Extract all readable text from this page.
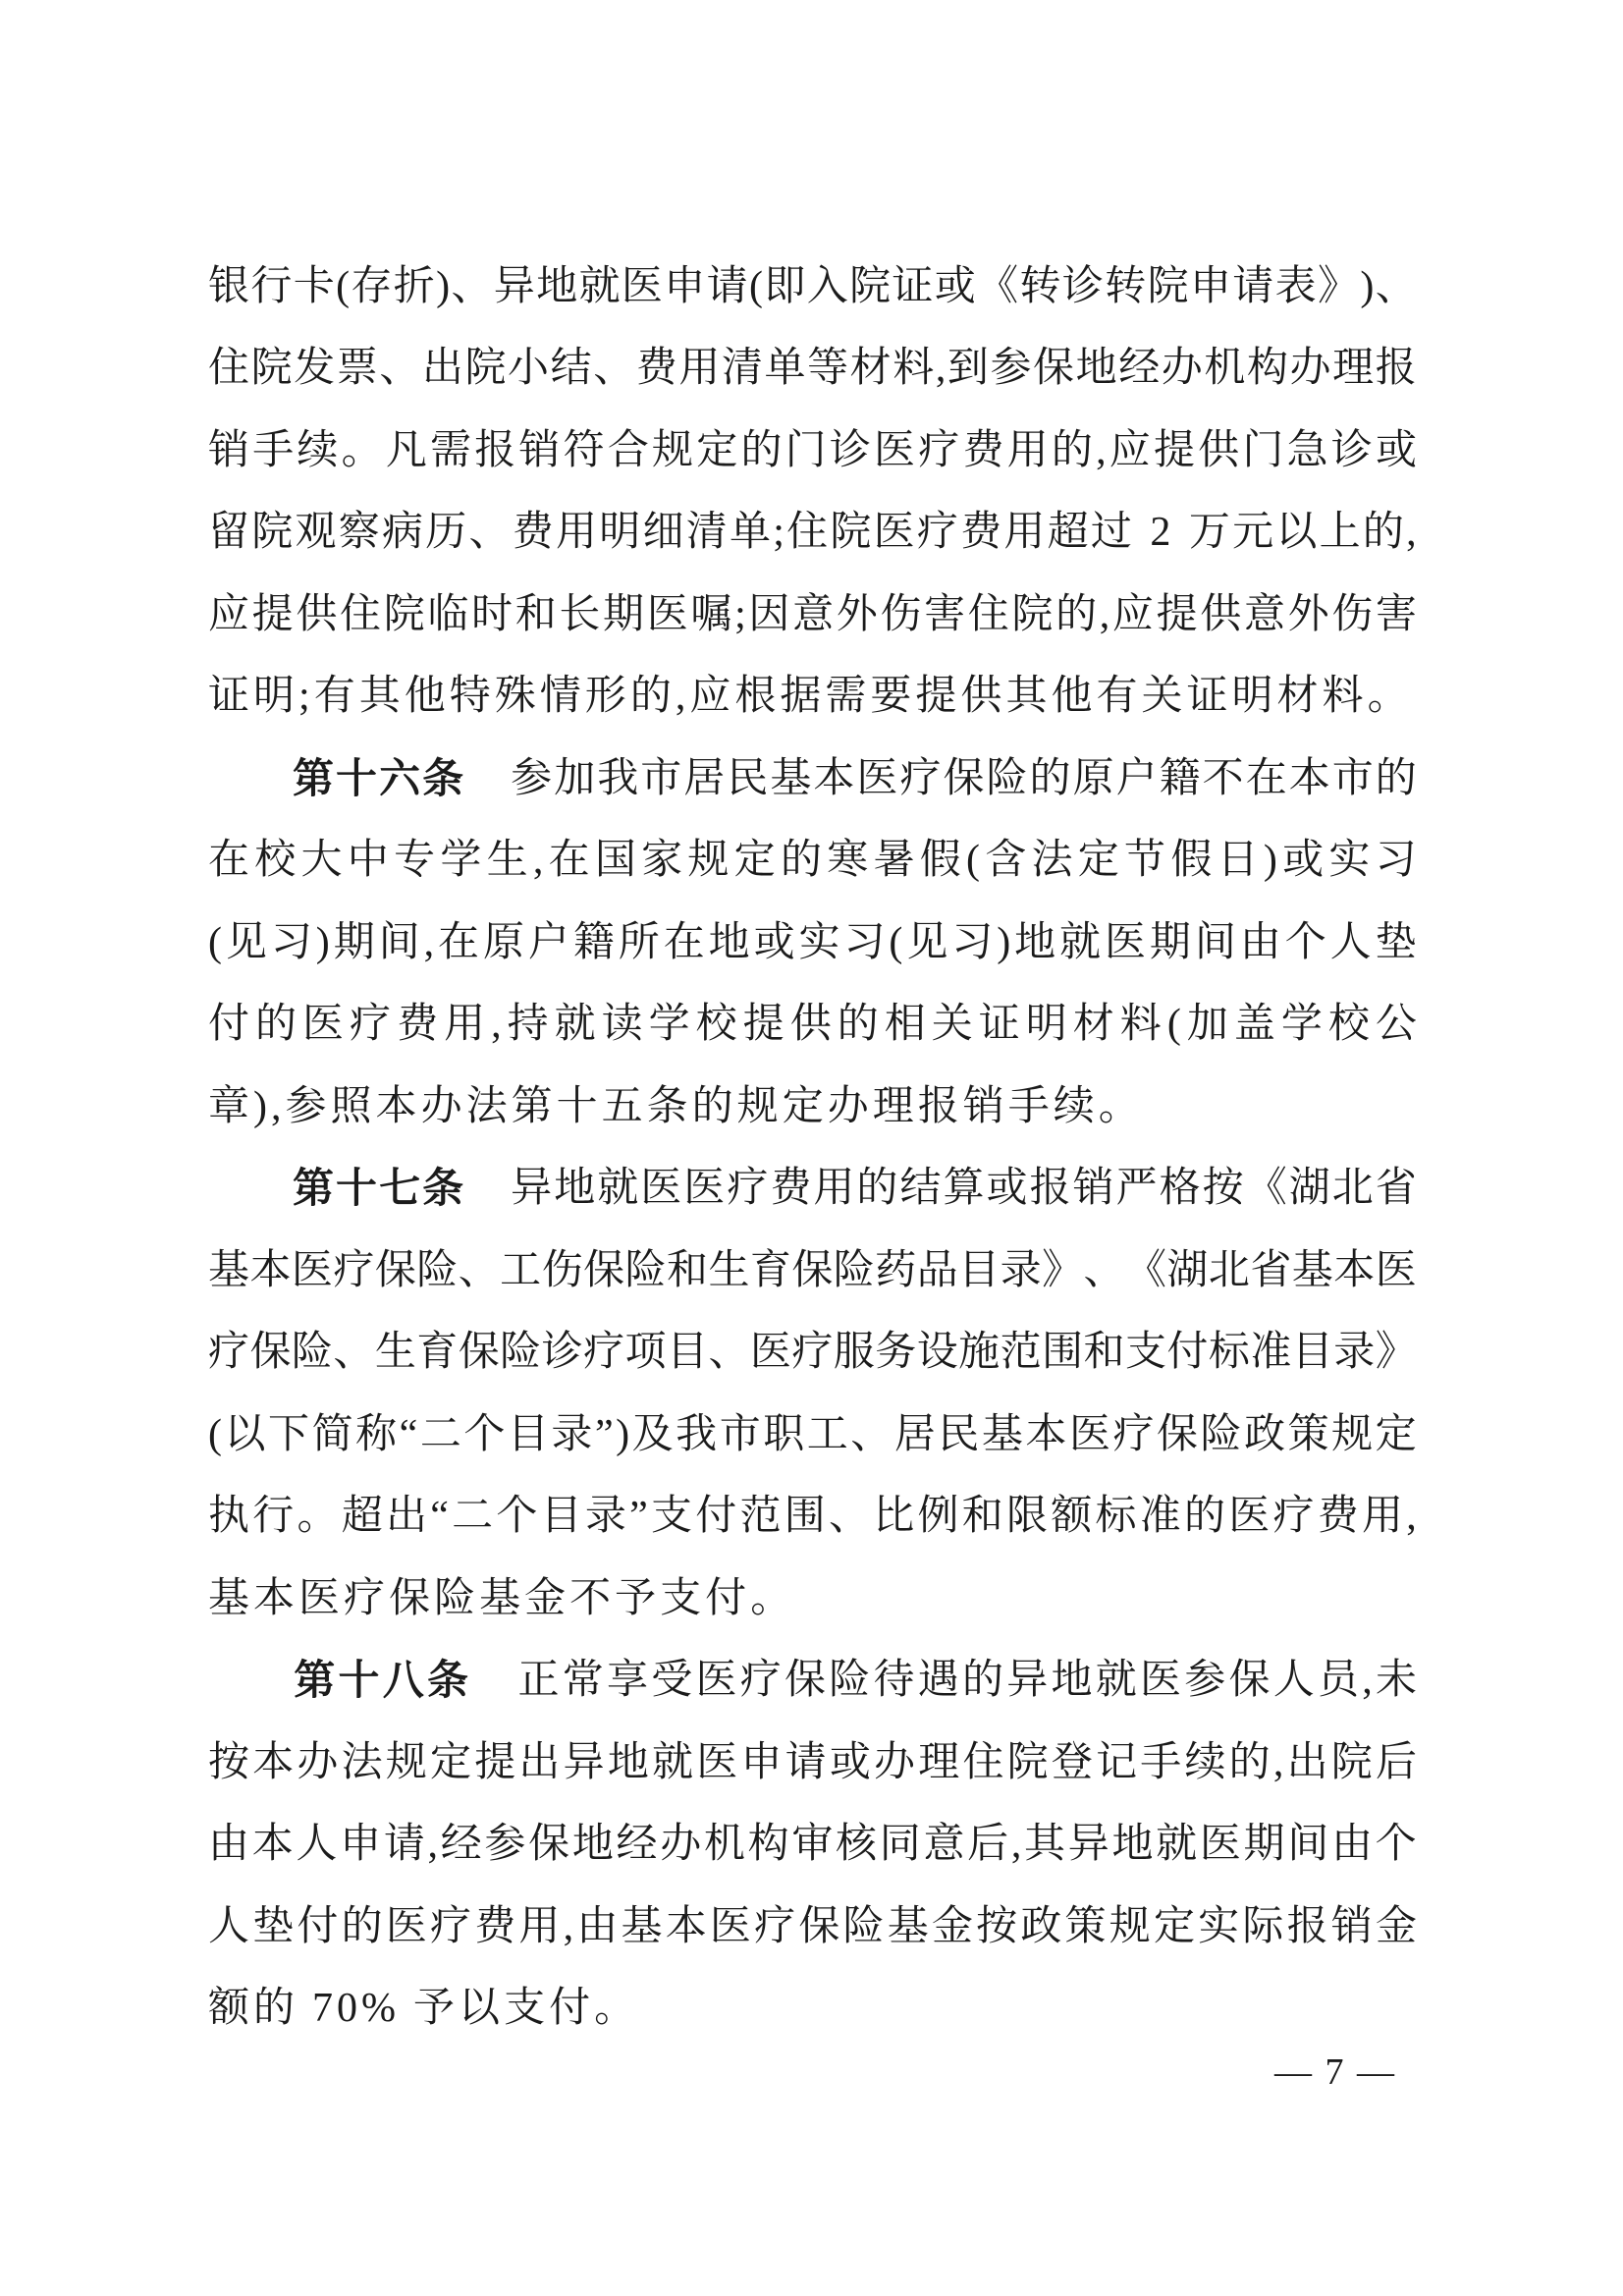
银 行 卡 ( 存 折 ) 、 异 地 就 医 申 请 ( 即 入 院 证 或 《 转 诊 转 院 申 请 表 》 ) 、
住 院 发 票 、 出 院 小 结 、 费 用 清 单 等 材 料 , 到 参 保 地 经 办 机 构 办 理 报
销 手 续 。 凡 需 报 销 符 合 规 定 的 门 诊 医 疗 费 用 的 , 应 提 供 门 急 诊 或
留 院 观 察 病 历 、 费 用 明 细 清 单 ; 住 院 医 疗 费 用 超 过 2 万 元 以 上 的 ,
应 提 供 住 院 临 时 和 长 期 医 嘱 ; 因 意 外 伤 害 住 院 的 , 应 提 供 意 外 伤 害
证 明 ; 有 其 他 特 殊 情 形 的 , 应 根 据 需 要 提 供 其 他 有 关 证 明 材 料 。
第 十 六 条 参 加 我 市 居 民 基 本 医 疗 保 险 的 原 户 籍 不 在 本 市 的
在 校 大 中 专 学 生 , 在 国 家 规 定 的 寒 暑 假 ( 含 法 定 节 假 日 ) 或 实 习
( 见 习 ) 期 间 , 在 原 户 籍 所 在 地 或 实 习 ( 见 习 ) 地 就 医 期 间 由 个 人 垫
付 的 医 疗 费 用 , 持 就 读 学 校 提 供 的 相 关 证 明 材 料 ( 加 盖 学 校 公
章 ) , 参 照 本 办 法 第 十 五 条 的 规 定 办 理 报 销 手 续 。
第 十 七 条 异 地 就 医 医 疗 费 用 的 结 算 或 报 销 严 格 按 《 湖 北 省
基 本 医 疗 保 险 、 工 伤 保 险 和 生 育 保 险 药 品 目 录 》 、 《 湖 北 省 基 本 医
疗 保 险 、 生 育 保 险 诊 疗 项 目 、 医 疗 服 务 设 施 范 围 和 支 付 标 准 目 录 》
( 以 下 简 称 “ 二 个 目 录 ” ) 及 我 市 职 工 、 居 民 基 本 医 疗 保 险 政 策 规 定
执 行 。 超 出 “ 二 个 目 录 ” 支 付 范 围 、 比 例 和 限 额 标 准 的 医 疗 费 用 ,
基 本 医 疗 保 险 基 金 不 予 支 付 。
第 十 八 条 正 常 享 受 医 疗 保 险 待 遇 的 异 地 就 医 参 保 人 员 , 未
按 本 办 法 规 定 提 出 异 地 就 医 申 请 或 办 理 住 院 登 记 手 续 的 , 出 院 后
由 本 人 申 请 , 经 参 保 地 经 办 机 构 审 核 同 意 后 , 其 异 地 就 医 期 间 由 个
人 垫 付 的 医 疗 费 用 , 由 基 本 医 疗 保 险 基 金 按 政 策 规 定 实 际 报 销 金
额 的 7 0 % 予 以 支 付 。
— 7 —
